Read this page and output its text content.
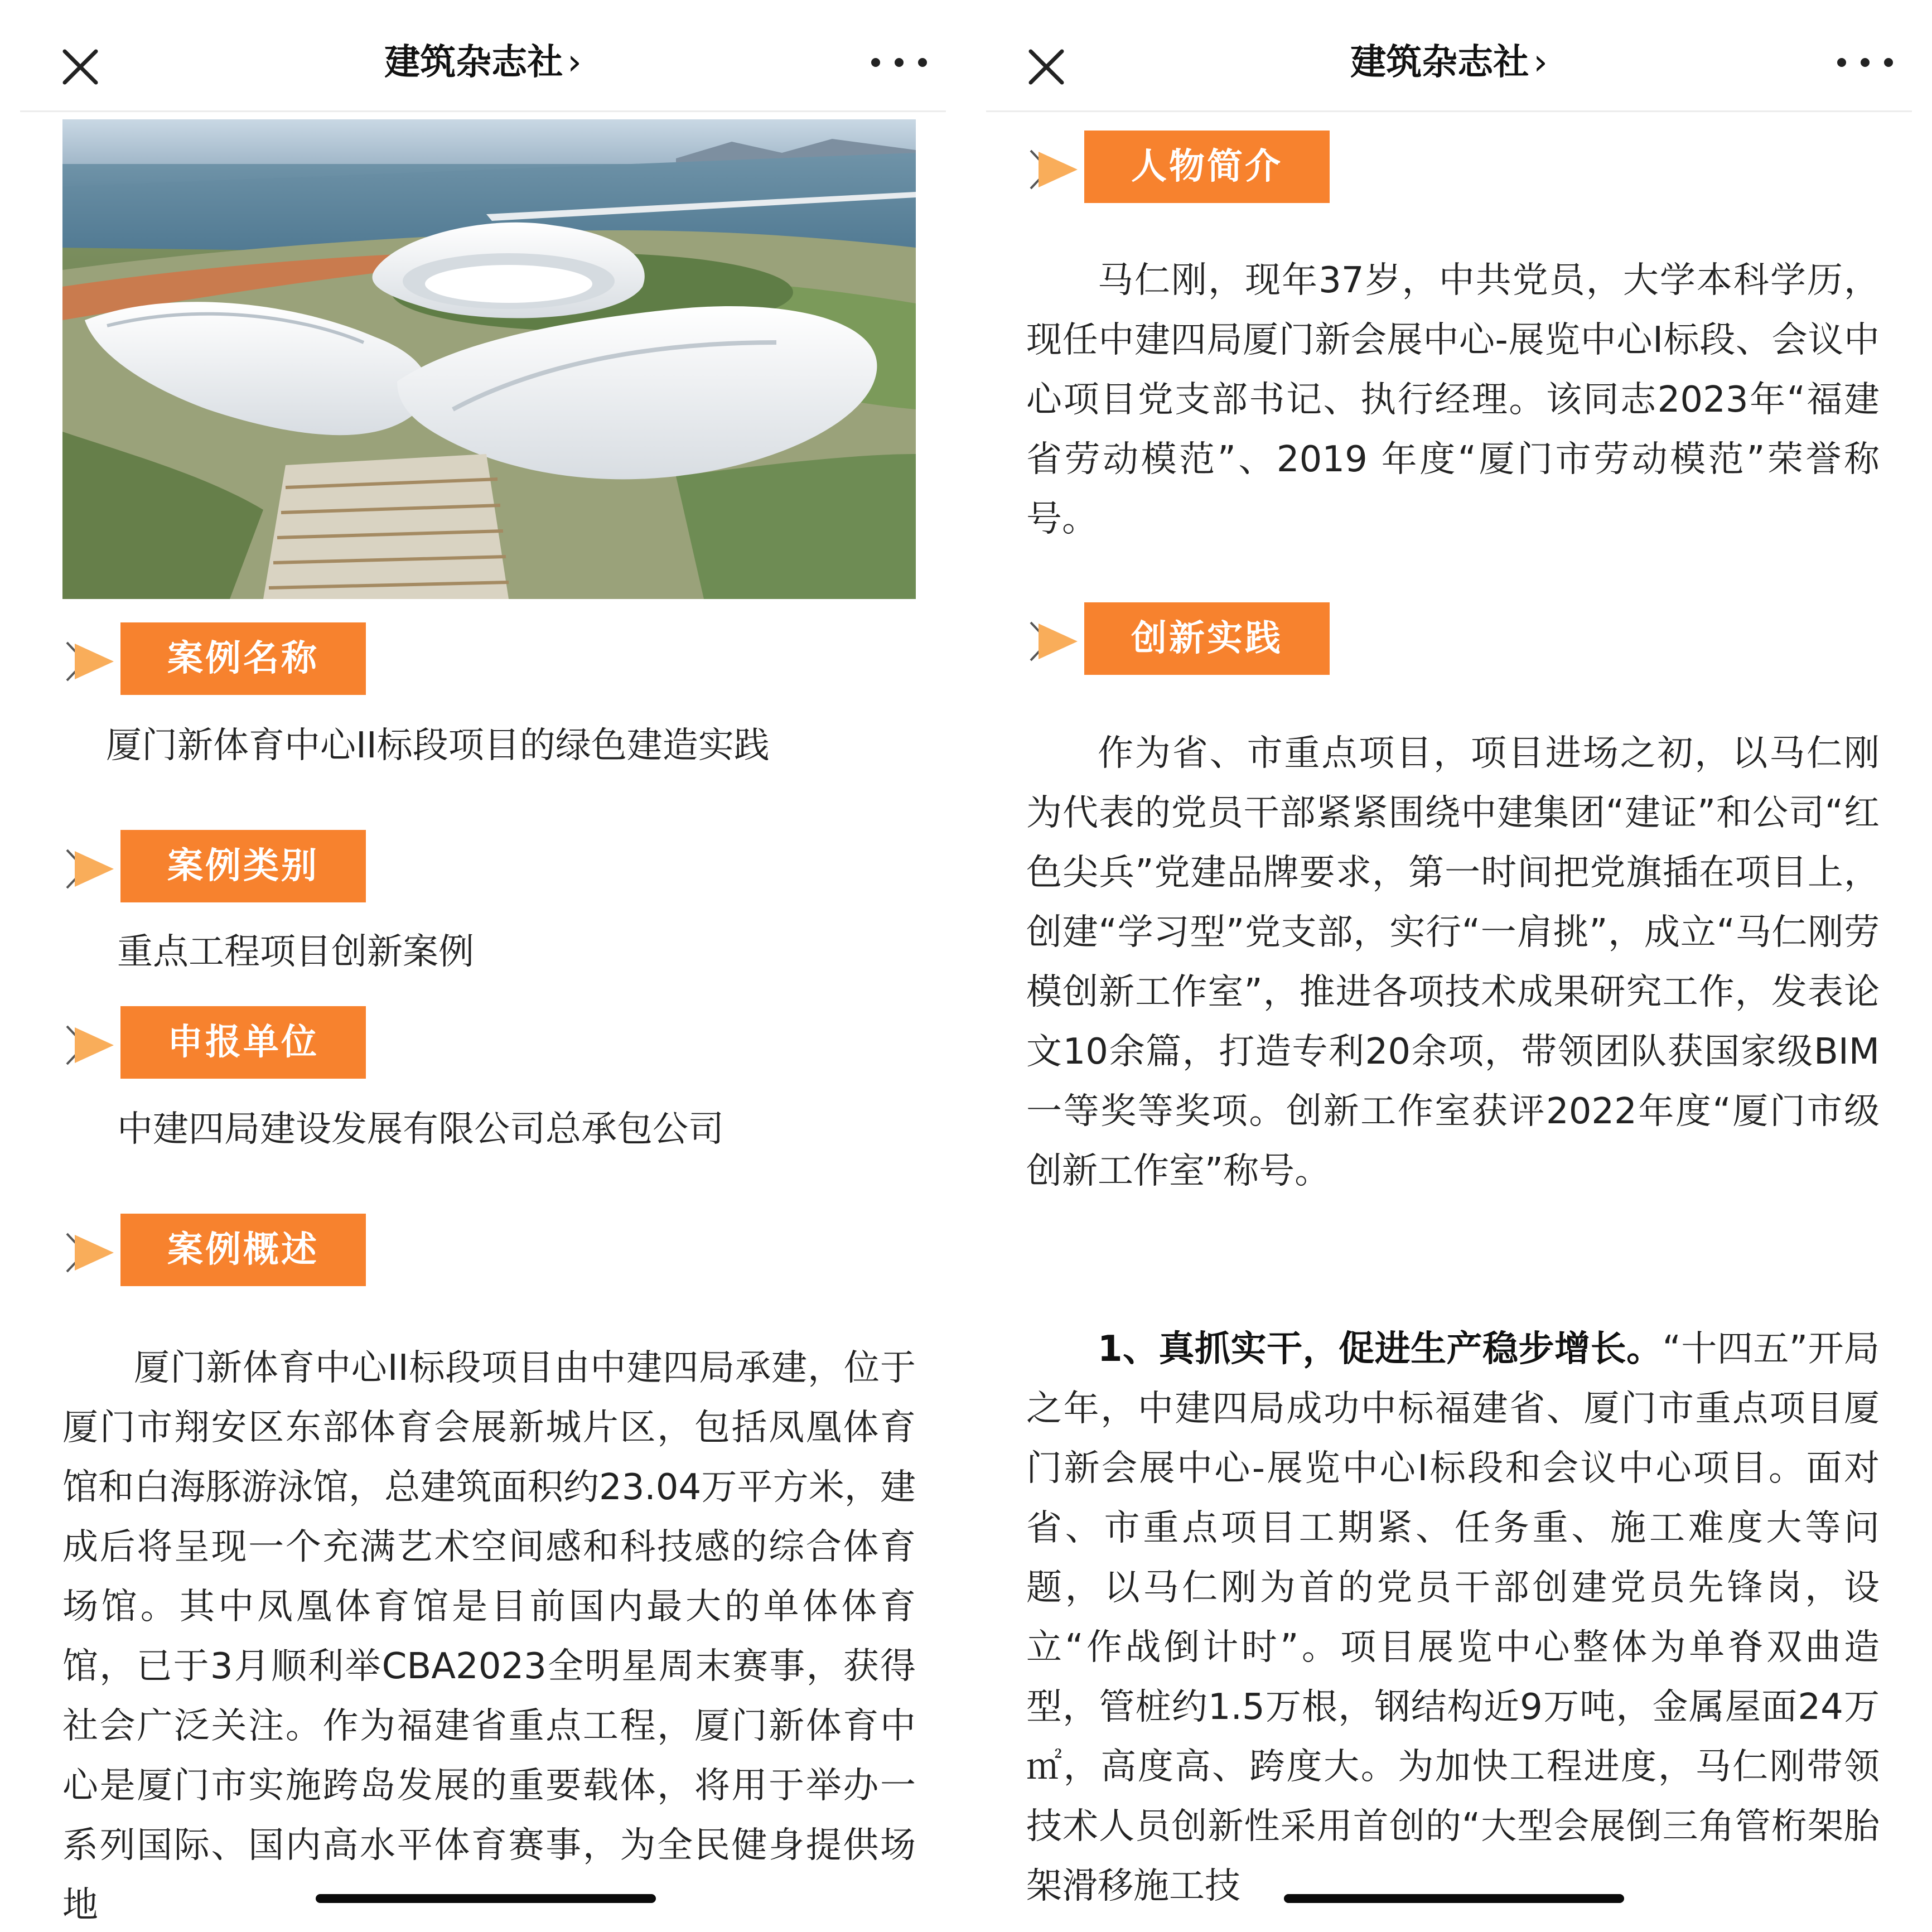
建筑杂志社 ›
案例名称
厦门新体育中心II标段项目的绿色建造实践
案例类别
重点工程项目创新案例
申报单位
中建四局建设发展有限公司总承包公司
案例概述

厦门新体育中心II标段项目由中建四局承建，位于厦门市翔安区东部体育会展新城片区，包括凤凰体育馆和白海豚游泳馆，总建筑面积约23.04万平方米，建成后将呈现一个充满艺术空间感和科技感的综合体育场馆。其中凤凰体育馆是目前国内最大的单体体育馆，已于3月顺利举CBA2023全明星周末赛事，获得社会广泛关注。作为福建省重点工程，厦门新体育中心是厦门市实施跨岛发展的重要载体，将用于举办一系列国际、国内高水平体育赛事，为全民健身提供场地

建筑杂志社 ›
人物简介

马仁刚，现年37岁，中共党员，大学本科学历，现任中建四局厦门新会展中心-展览中心I标段、会议中心项目党支部书记、执行经理。该同志2023年“福建省劳动模范”、2019 年度“厦门市劳动模范”荣誉称号。

创新实践

作为省、市重点项目，项目进场之初，以马仁刚为代表的党员干部紧紧围绕中建集团“建证”和公司“红色尖兵”党建品牌要求，第一时间把党旗插在项目上，创建“学习型”党支部，实行“一肩挑”，成立“马仁刚劳模创新工作室”，推进各项技术成果研究工作，发表论文10余篇，打造专利20余项，带领团队获国家级BIM一等奖等奖项。创新工作室获评2022年度“厦门市级创新工作室”称号。

1、真抓实干，促进生产稳步增长。“十四五”开局之年，中建四局成功中标福建省、厦门市重点项目厦门新会展中心-展览中心I标段和会议中心项目。面对省、市重点项目工期紧、任务重、施工难度大等问题，以马仁刚为首的党员干部创建党员先锋岗，设立“作战倒计时”。项目展览中心整体为单脊双曲造型，管桩约1.5万根，钢结构近9万吨，金属屋面24万㎡，高度高、跨度大。为加快工程进度，马仁刚带领技术人员创新性采用首创的“大型会展倒三角管桁架胎架滑移施工技
